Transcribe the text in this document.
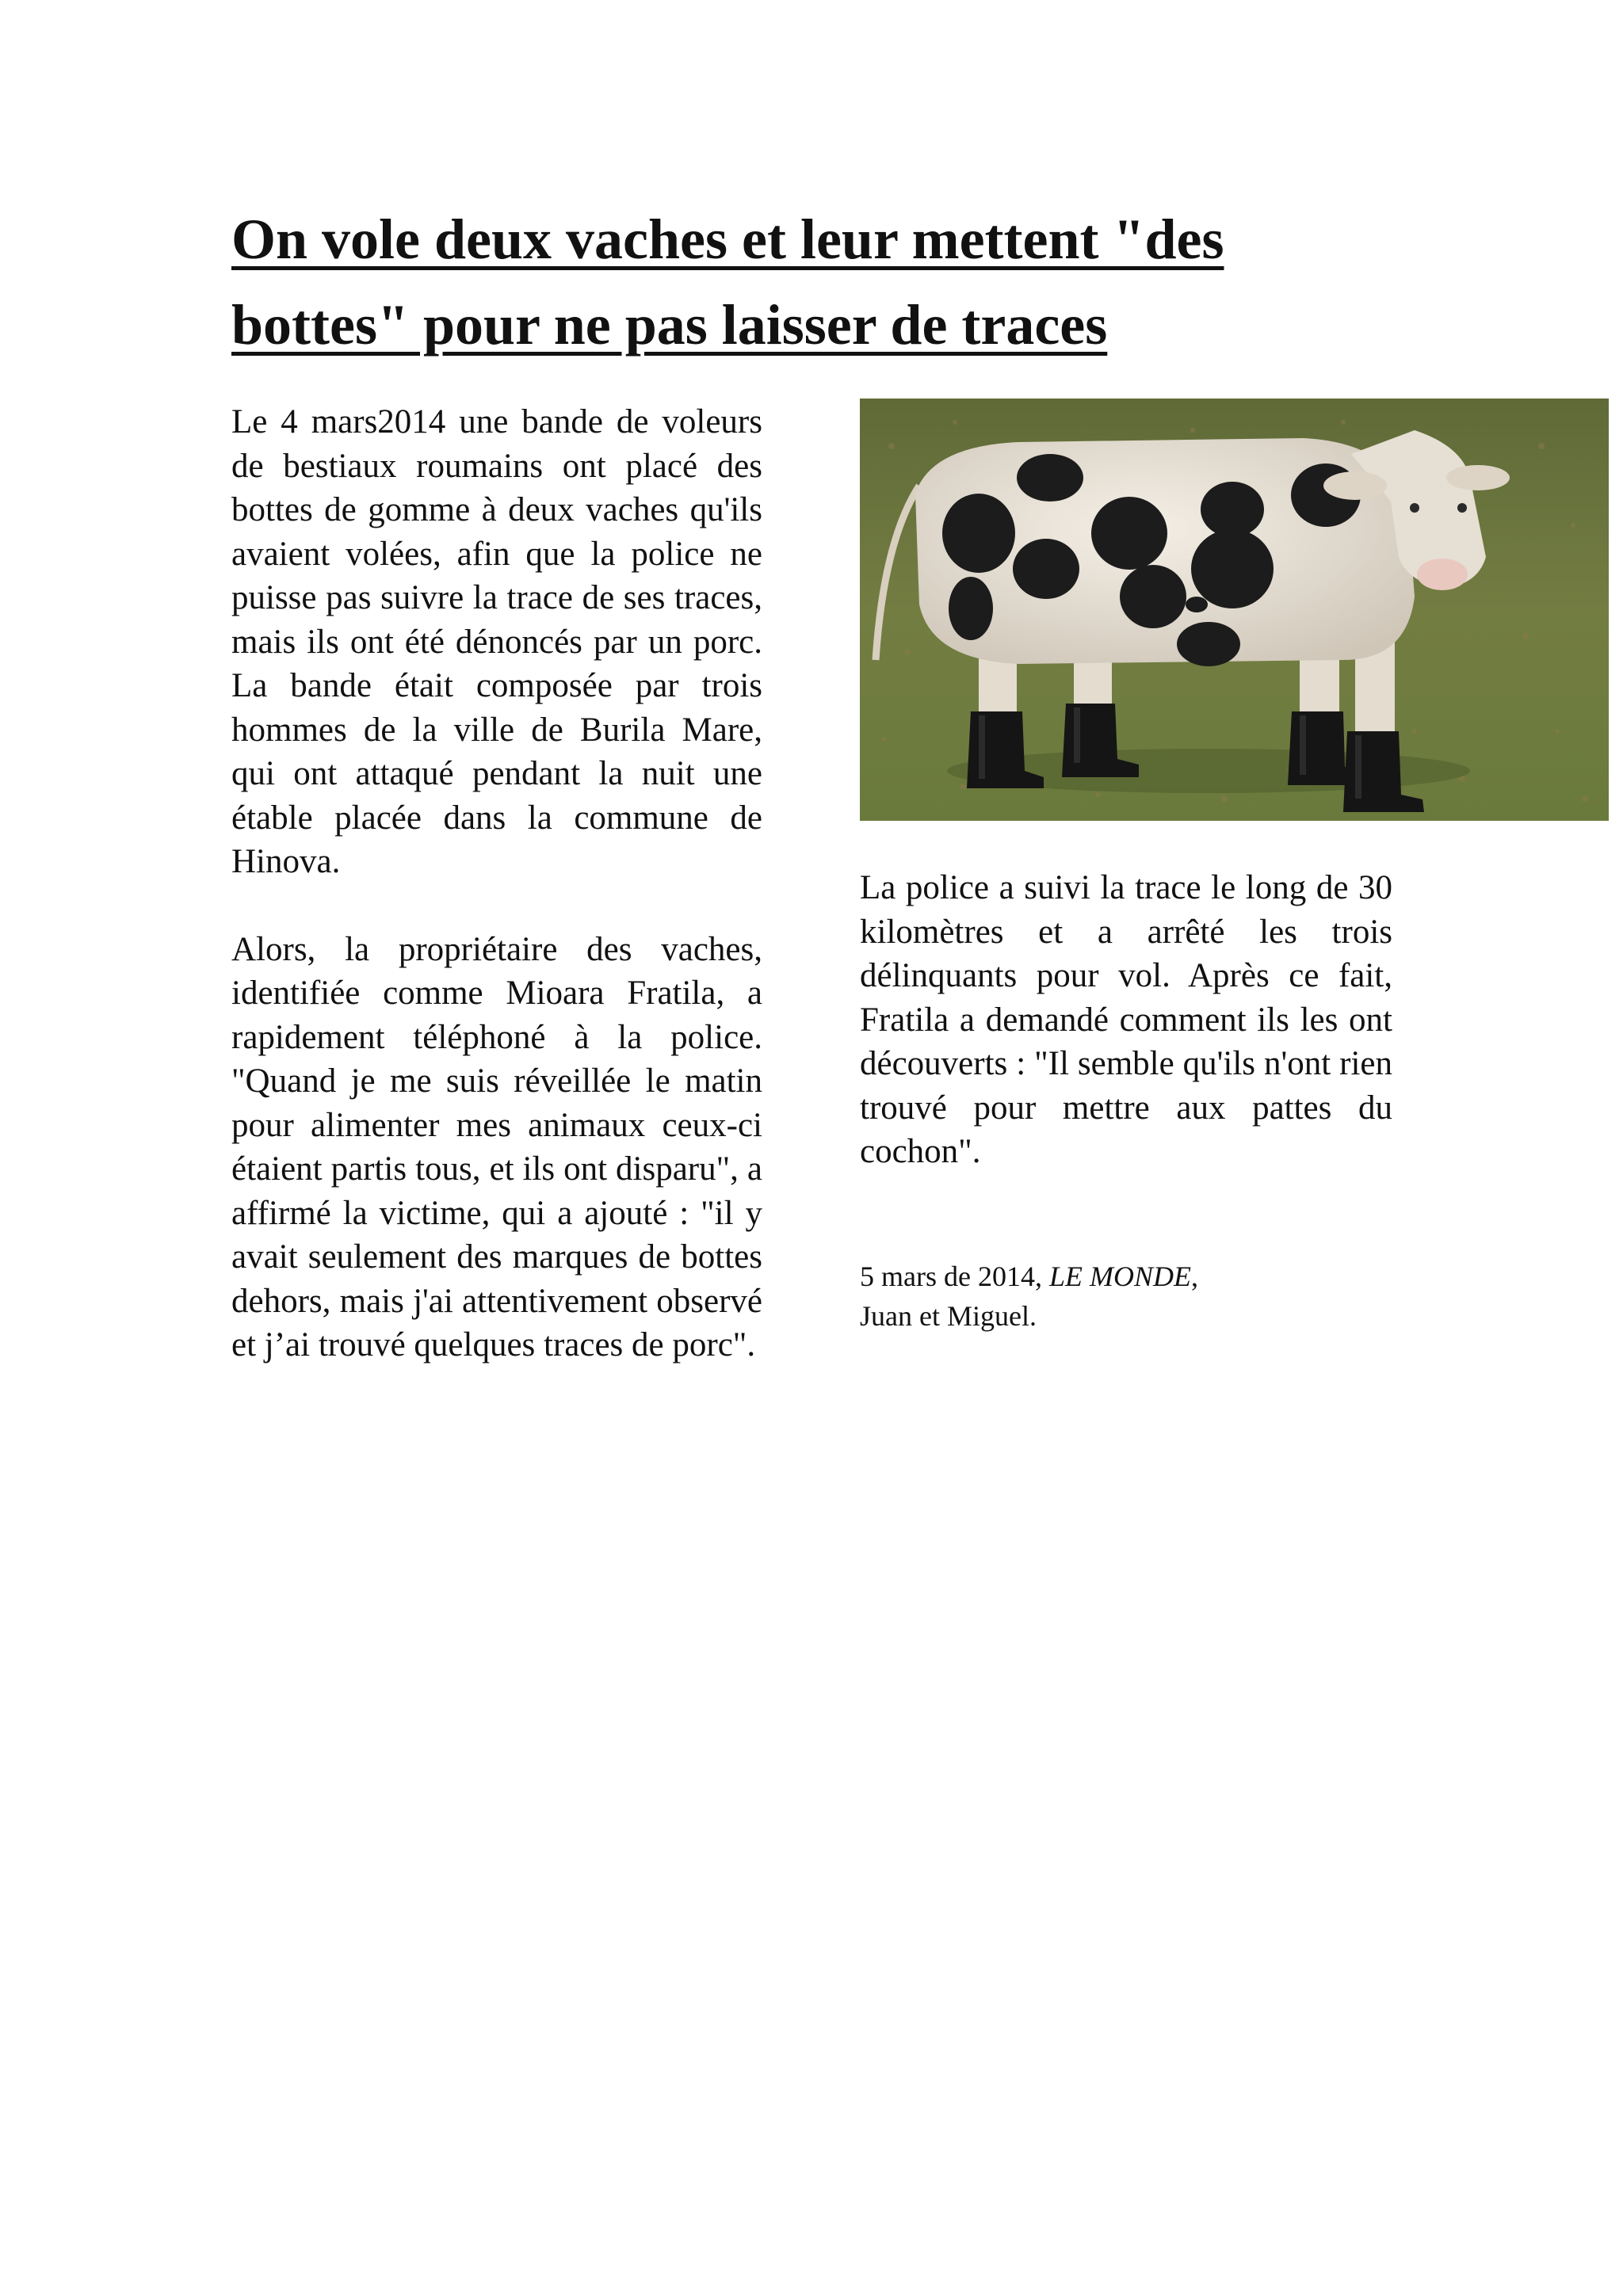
On vole deux vaches et leur mettent "des
bottes" pour ne pas laisser de traces

Le 4 mars2014 une bande de voleurs de bestiaux roumains ont placé des bottes de gomme à deux vaches qu'ils avaient volées, afin que la police ne puisse pas suivre la trace de ses traces, mais ils ont été dénoncés par un porc. La bande était composée par trois hommes de la ville de Burila Mare, qui ont attaqué pendant la nuit une étable placée dans la commune de Hinova.

Alors, la propriétaire des vaches, identifiée comme Mioara Fratila, a rapidement téléphoné à la police. "Quand je me suis réveillée le matin pour alimenter mes animaux ceux-ci étaient partis tous, et ils ont disparu", a affirmé la victime, qui a ajouté : "il y avait seulement des marques de bottes dehors, mais j'ai attentivement observé et j’ai trouvé quelques traces de porc".

La police a suivi la trace le long de 30 kilomètres et a arrêté les trois délinquants pour vol. Après ce fait, Fratila a demandé comment ils les ont découverts : "Il semble qu'ils n'ont rien trouvé pour mettre aux pattes du cochon".

5 mars de 2014, LE MONDE,
Juan et Miguel.
